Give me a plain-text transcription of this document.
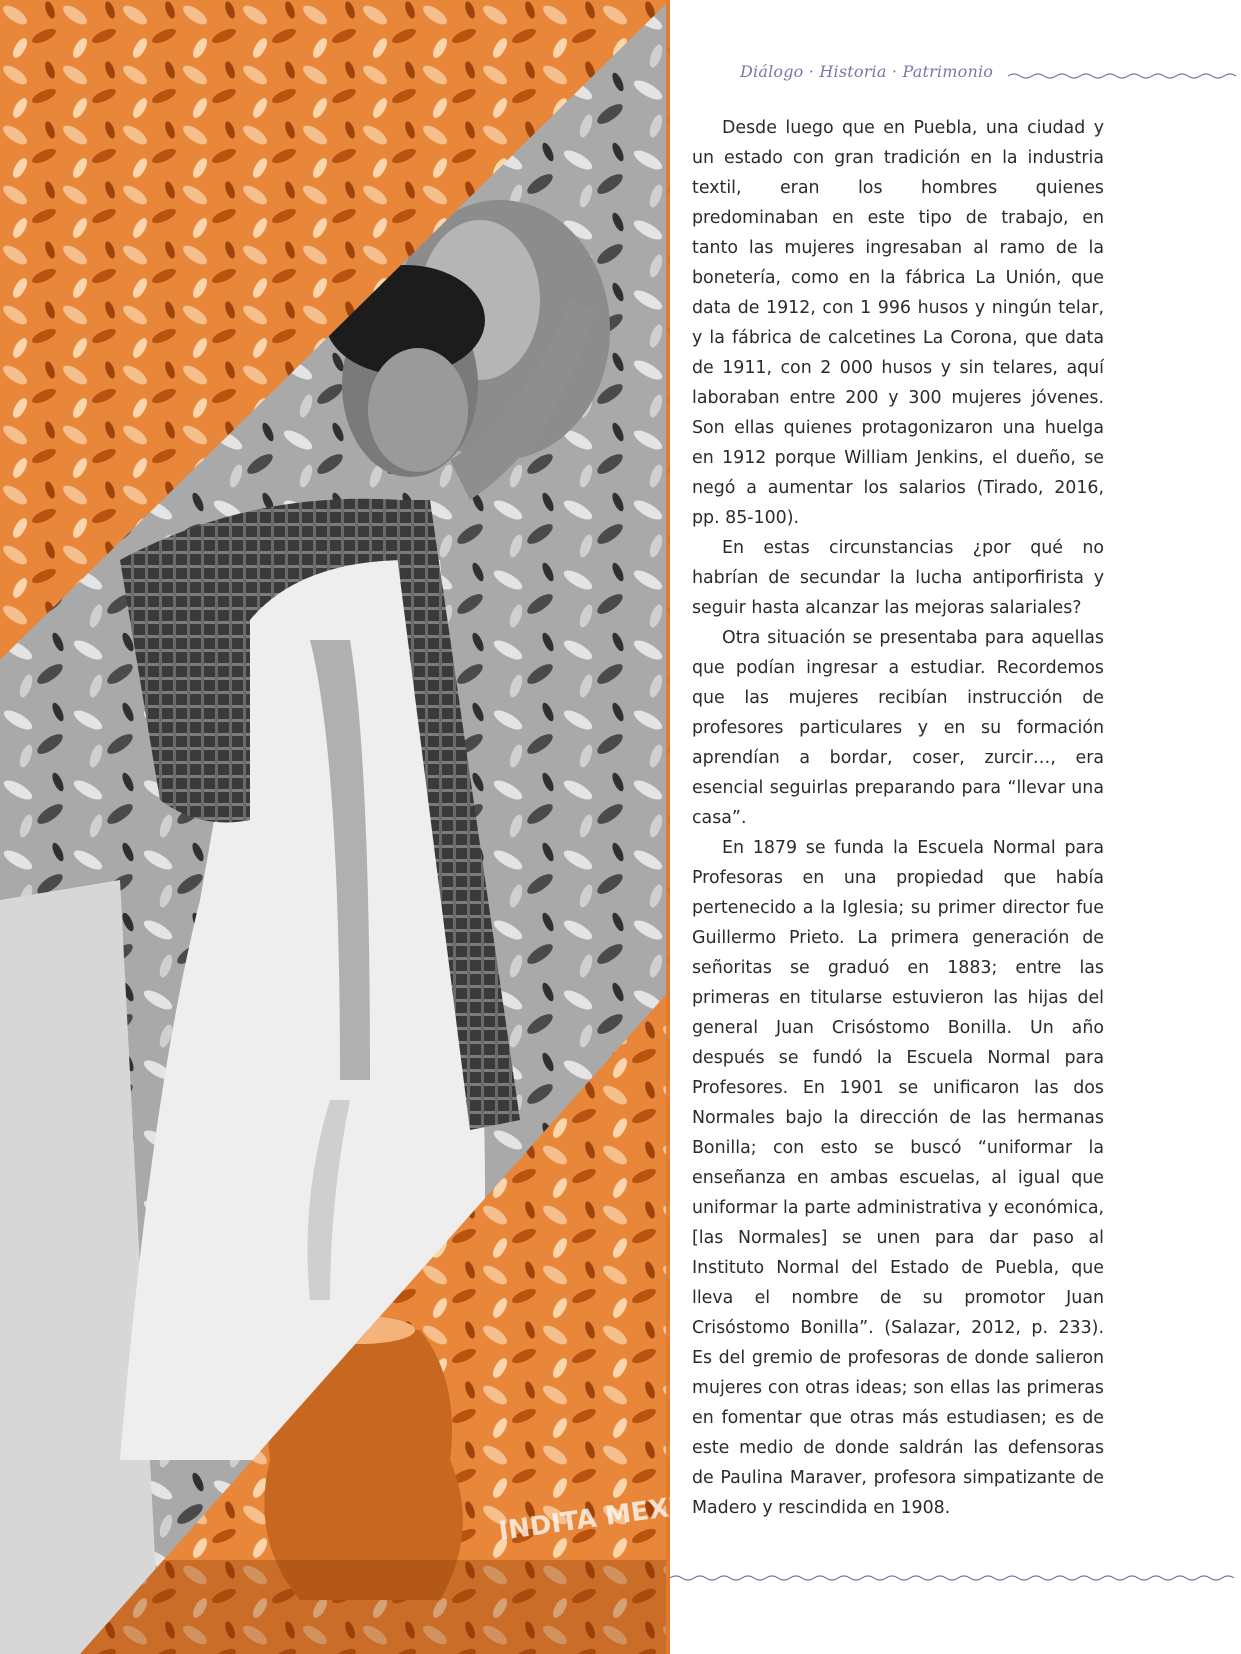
INDITA MEXIC
Diálogo · Historia · Patrimonio

Desde luego que en Puebla, una ciudad y un estado con gran tradición en la industria textil, eran los hombres quienes predominaban en este tipo de trabajo, en tanto las mujeres ingresaban al ramo de la bonetería, como en la fábrica La Unión, que data de 1912, con 1 996 husos y ningún telar, y la fábrica de calcetines La Corona, que data de 1911, con 2 000 husos y sin telares, aquí laboraban entre 200 y 300 mujeres jóvenes. Son ellas quienes protagonizaron una huelga en 1912 porque William Jenkins, el dueño, se negó a aumentar los salarios (Tirado, 2016, pp. 85-100).

En estas circunstancias ¿por qué no habrían de secundar la lucha antiporfirista y seguir hasta alcanzar las mejoras salariales?

Otra situación se presentaba para aquellas que podían ingresar a estudiar. Recordemos que las mujeres recibían instrucción de profesores particulares y en su formación aprendían a bordar, coser, zurcir…, era esencial seguirlas preparando para “llevar una casa”.

En 1879 se funda la Escuela Normal para Profesoras en una propiedad que había pertenecido a la Iglesia; su primer director fue Guillermo Prieto. La primera generación de señoritas se graduó en 1883; entre las primeras en titularse estuvieron las hijas del general Juan Crisóstomo Bonilla. Un año después se fundó la Escuela Normal para Profesores. En 1901 se unificaron las dos Normales bajo la dirección de las hermanas Bonilla; con esto se buscó “uniformar la enseñanza en ambas escuelas, al igual que uniformar la parte administrativa y económica, [las Normales] se unen para dar paso al Instituto Normal del Estado de Puebla, que lleva el nombre de su promotor Juan Crisóstomo Bonilla”. (Salazar, 2012, p. 233). Es del gremio de profesoras de donde salieron mujeres con otras ideas; son ellas las primeras en fomentar que otras más estudiasen; es de este medio de donde saldrán las defensoras de Paulina Maraver, profesora simpatizante de Madero y rescindida en 1908.
